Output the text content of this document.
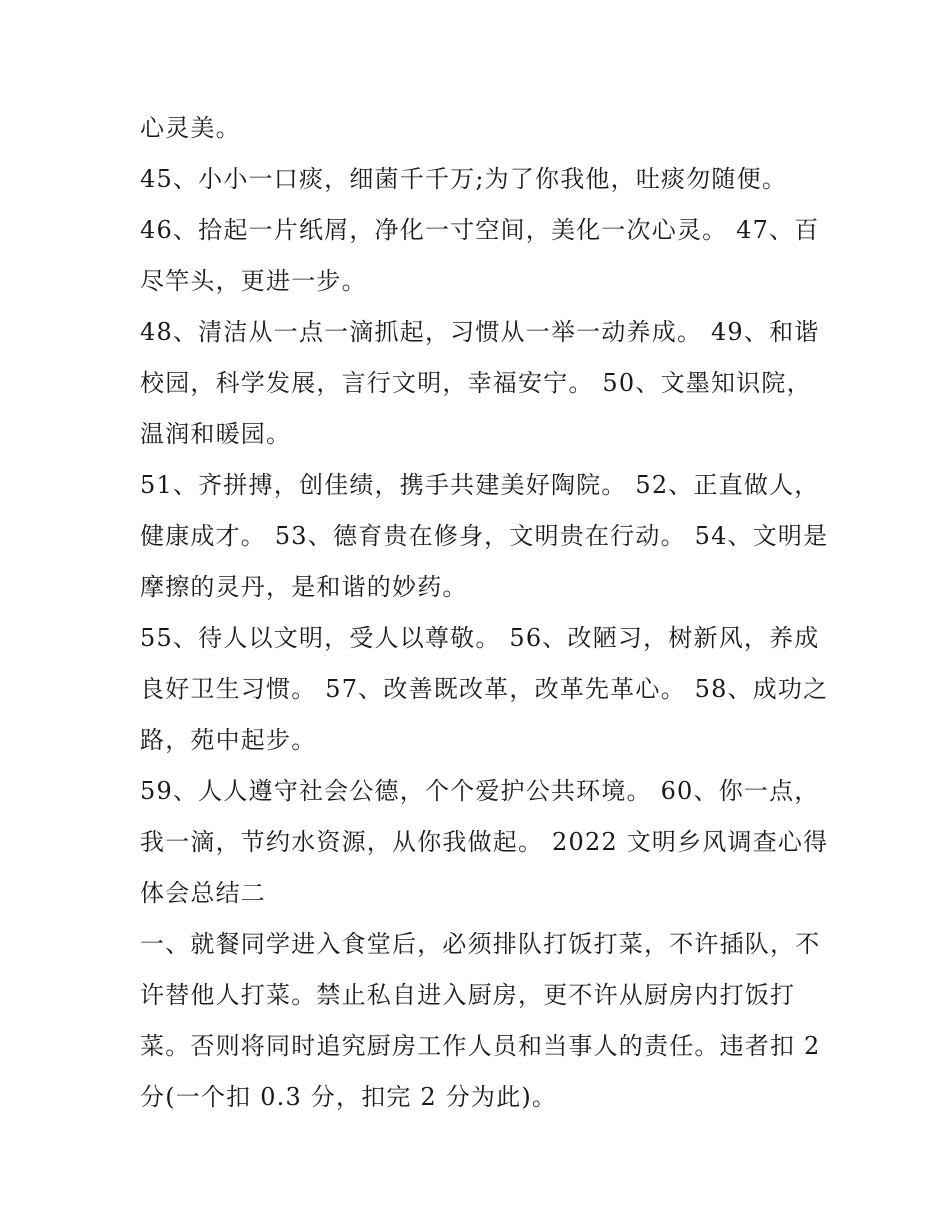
心灵美。
45、小小一口痰，细菌千千万;为了你我他，吐痰勿随便。
46、拾起一片纸屑，净化一寸空间，美化一次心灵。 47、百
尽竿头，更进一步。
48、清洁从一点一滴抓起，习惯从一举一动养成。 49、和谐
校园，科学发展，言行文明，幸福安宁。 50、文墨知识院，
温润和暖园。
51、齐拼搏，创佳绩，携手共建美好陶院。 52、正直做人，
健康成才。 53、德育贵在修身，文明贵在行动。 54、文明是
摩擦的灵丹，是和谐的妙药。
55、待人以文明，受人以尊敬。 56、改陋习，树新风，养成
良好卫生习惯。 57、改善既改革，改革先革心。 58、成功之
路，苑中起步。
59、人人遵守社会公德，个个爱护公共环境。 60、你一点，
我一滴，节约水资源，从你我做起。 2022 文明乡风调查心得
体会总结二
一、就餐同学进入食堂后，必须排队打饭打菜，不许插队，不
许替他人打菜。禁止私自进入厨房，更不许从厨房内打饭打
菜。否则将同时追究厨房工作人员和当事人的责任。违者扣 2
分(一个扣 0.3 分，扣完 2 分为此)。
